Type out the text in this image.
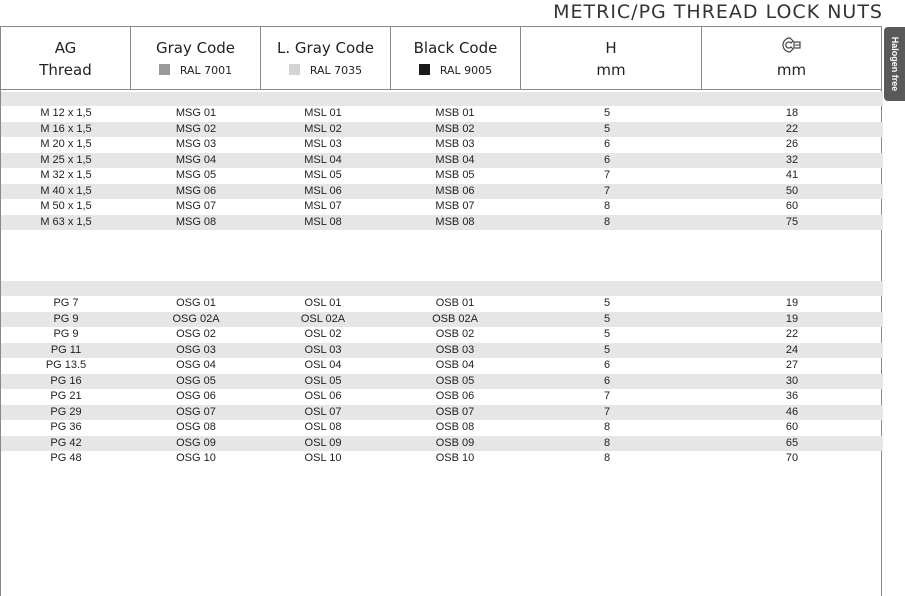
METRIC/PG THREAD LOCK NUTS
Halogen free
AG
Thread
Gray Code
RAL 7001
L. Gray Code
RAL 7035
Black Code
RAL 9005
H
mm	mm
M 12 x 1,5	MSG 01	MSL 01	MSB 01	5	18
M 16 x 1,5	MSG 02	MSL 02	MSB 02	5	22
M 20 x 1,5	MSG 03	MSL 03	MSB 03	6	26
M 25 x 1,5	MSG 04	MSL 04	MSB 04	6	32
M 32 x 1,5	MSG 05	MSL 05	MSB 05	7	41
M 40 x 1,5	MSG 06	MSL 06	MSB 06	7	50
M 50 x 1,5	MSG 07	MSL 07	MSB 07	8	60
M 63 x 1,5	MSG 08	MSL 08	MSB 08	8	75
PG 7	OSG 01	OSL 01	OSB 01	5	19
PG 9	OSG 02A	OSL 02A	OSB 02A	5	19
PG 9	OSG 02	OSL 02	OSB 02	5	22
PG 11	OSG 03	OSL 03	OSB 03	5	24
PG 13.5	OSG 04	OSL 04	OSB 04	6	27
PG 16	OSG 05	OSL 05	OSB 05	6	30
PG 21	OSG 06	OSL 06	OSB 06	7	36
PG 29	OSG 07	OSL 07	OSB 07	7	46
PG 36	OSG 08	OSL 08	OSB 08	8	60
PG 42	OSG 09	OSL 09	OSB 09	8	65
PG 48	OSG 10	OSL 10	OSB 10	8	70
